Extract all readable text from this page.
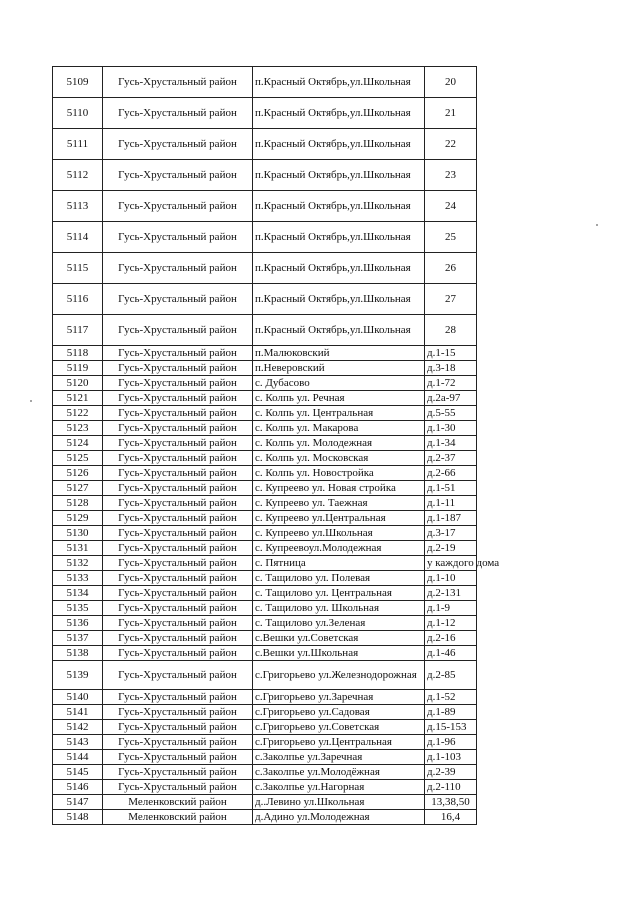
5109	Гусь-Хрустальный район	п.Красный Октябрь,ул.Школьная	20
5110	Гусь-Хрустальный район	п.Красный Октябрь,ул.Школьная	21
5111	Гусь-Хрустальный район	п.Красный Октябрь,ул.Школьная	22
5112	Гусь-Хрустальный район	п.Красный Октябрь,ул.Школьная	23
5113	Гусь-Хрустальный район	п.Красный Октябрь,ул.Школьная	24
5114	Гусь-Хрустальный район	п.Красный Октябрь,ул.Школьная	25
5115	Гусь-Хрустальный район	п.Красный Октябрь,ул.Школьная	26
5116	Гусь-Хрустальный район	п.Красный Октябрь,ул.Школьная	27
5117	Гусь-Хрустальный район	п.Красный Октябрь,ул.Школьная	28
5118	Гусь-Хрустальный район	п.Малюковский	д.1-15
5119	Гусь-Хрустальный район	п.Неверовский	д.3-18
5120	Гусь-Хрустальный район	с. Дубасово	д.1-72
5121	Гусь-Хрустальный район	с. Колпь ул. Речная	д.2а-97
5122	Гусь-Хрустальный район	с. Колпь ул. Центральная	д.5-55
5123	Гусь-Хрустальный район	с. Колпь ул. Макарова	д.1-30
5124	Гусь-Хрустальный район	с. Колпь ул. Молодежная	д.1-34
5125	Гусь-Хрустальный район	с. Колпь ул. Московская	д.2-37
5126	Гусь-Хрустальный район	с. Колпь ул. Новостройка	д.2-66
5127	Гусь-Хрустальный район	с. Купреево ул. Новая стройка	д.1-51
5128	Гусь-Хрустальный район	с. Купреево ул. Таежная	д.1-11
5129	Гусь-Хрустальный район	с. Купреево ул.Центральная	д.1-187
5130	Гусь-Хрустальный район	с. Купреево ул.Школьная	д.3-17
5131	Гусь-Хрустальный район	с. Купреевоул.Молодежная	д.2-19
5132	Гусь-Хрустальный район	с. Пятница	у каждого дома
5133	Гусь-Хрустальный район	с. Тащилово ул. Полевая	д.1-10
5134	Гусь-Хрустальный район	с. Тащилово ул. Центральная	д.2-131
5135	Гусь-Хрустальный район	с. Тащилово ул. Школьная	д.1-9
5136	Гусь-Хрустальный район	с. Тащилово ул.Зеленая	д.1-12
5137	Гусь-Хрустальный район	с.Вешки ул.Советская	д.2-16
5138	Гусь-Хрустальный район	с.Вешки ул.Школьная	д.1-46
5139	Гусь-Хрустальный район	с.Григорьево ул.Железнодорожная	д.2-85
5140	Гусь-Хрустальный район	с.Григорьево ул.Заречная	д.1-52
5141	Гусь-Хрустальный район	с.Григорьево ул.Садовая	д.1-89
5142	Гусь-Хрустальный район	с.Григорьево ул.Советская	д.15-153
5143	Гусь-Хрустальный район	с.Григорьево ул.Центральная	д.1-96
5144	Гусь-Хрустальный район	с.Заколпье ул.Заречная	д.1-103
5145	Гусь-Хрустальный район	с.Заколпье ул.Молодёжная	д.2-39
5146	Гусь-Хрустальный район	с.Заколпье ул.Нагорная	д.2-110
5147	Меленковский район	д..Левино ул.Школьная	13,38,50
5148	Меленковский район	д.Адино ул.Молодежная	16,4
